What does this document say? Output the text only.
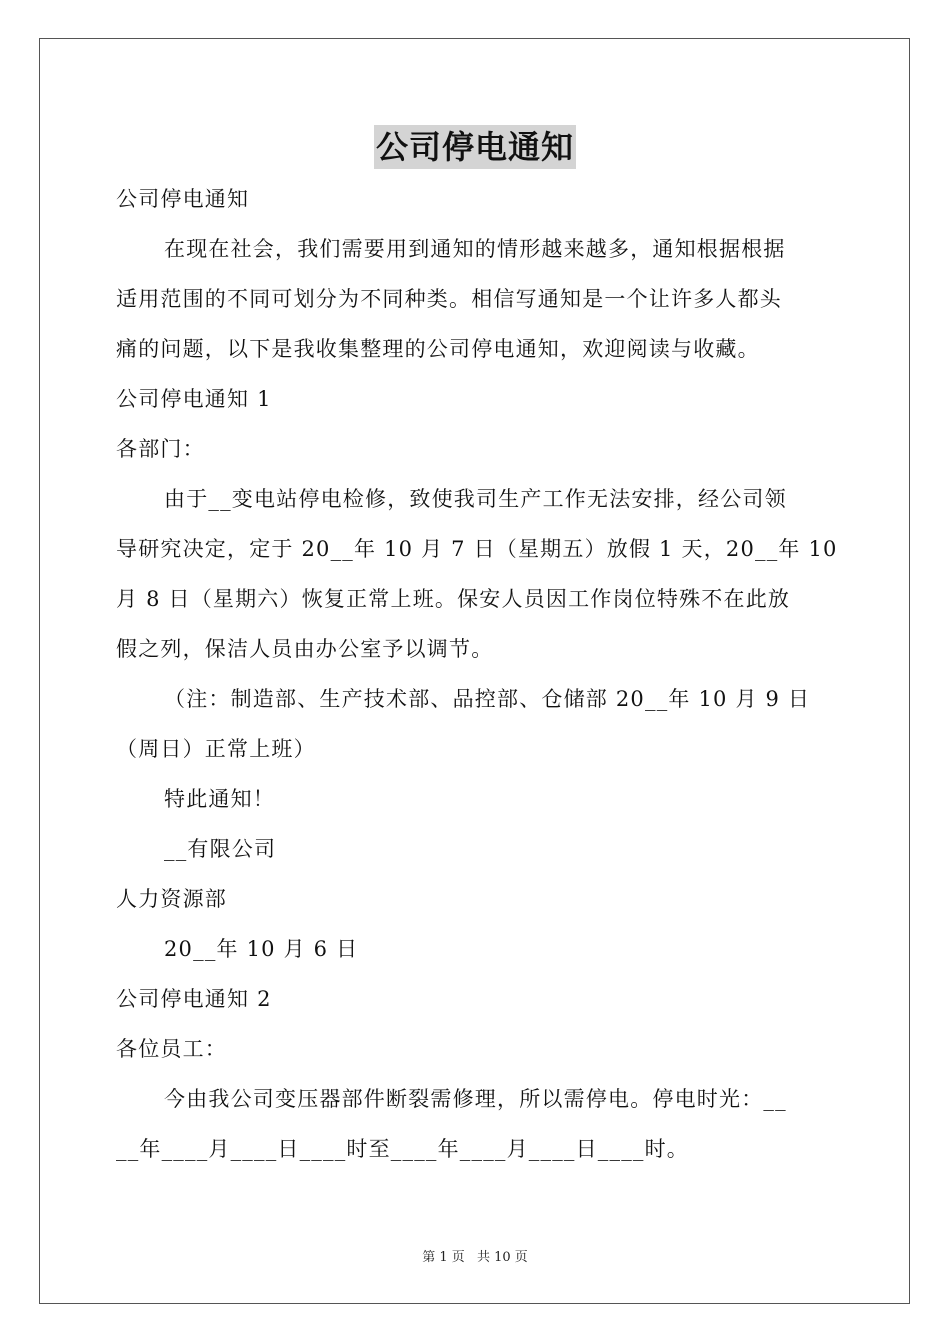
公司停电通知
公司停电通知
在现在社会，我们需要用到通知的情形越来越多，通知根据根据
适用范围的不同可划分为不同种类。相信写通知是一个让许多人都头
痛的问题，以下是我收集整理的公司停电通知，欢迎阅读与收藏。
公司停电通知 1
各部门：
由于__变电站停电检修，致使我司生产工作无法安排，经公司领
导研究决定，定于 20__年 10 月 7 日（星期五）放假 1 天，20__年 10
月 8 日（星期六）恢复正常上班。保安人员因工作岗位特殊不在此放
假之列，保洁人员由办公室予以调节。
（注：制造部、生产技术部、品控部、仓储部 20__年 10 月 9 日
（周日）正常上班）
特此通知！
__有限公司
人力资源部
20__年 10 月 6 日
公司停电通知 2
各位员工：
今由我公司变压器部件断裂需修理，所以需停电。停电时光：__
__年____月____日____时至____年____月____日____时。
第 1 页 共 10 页
